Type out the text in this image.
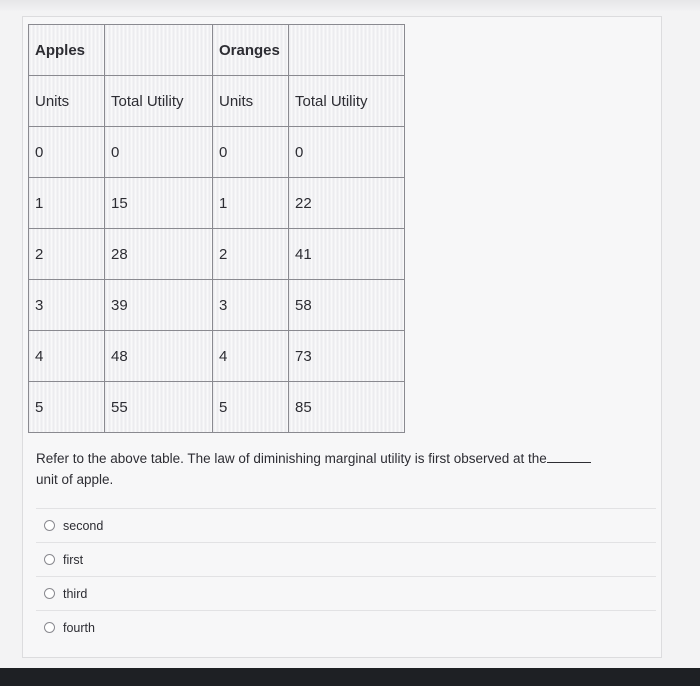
Apples		Oranges	
Units	Total Utility	Units	Total Utility
0	0	0	0
1	15	1	22
2	28	2	41
3	39	3	58
4	48	4	73
5	55	5	85
Refer to the above table. The law of diminishing marginal utility is first observed at the
unit of apple.
second
first
third
fourth
